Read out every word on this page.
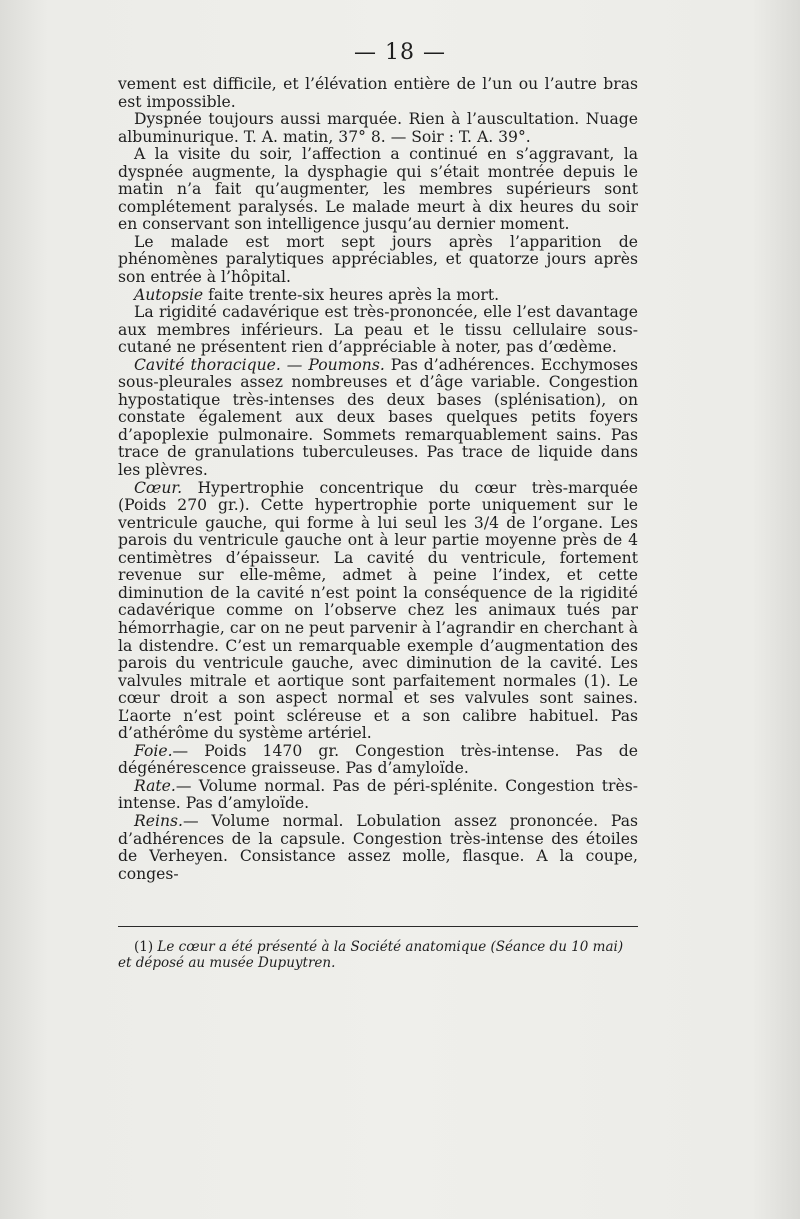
— 18 —

vement est difficile, et l’élévation entière de l’un ou l’autre bras est impossible.

Dyspnée toujours aussi marquée. Rien à l’auscultation. Nuage albuminurique. T. A. matin, 37° 8. — Soir : T. A. 39°.

A la visite du soir, l’affection a continué en s’aggravant, la dyspnée augmente, la dysphagie qui s’était montrée depuis le matin n’a fait qu’augmenter, les membres supérieurs sont complétement paralysés. Le malade meurt à dix heures du soir en conservant son intelligence jusqu’au dernier moment.

Le malade est mort sept jours après l’apparition de phénomènes paralytiques appréciables, et quatorze jours après son entrée à l’hôpital.

Autopsie faite trente-six heures après la mort.

La rigidité cadavérique est très-prononcée, elle l’est davantage aux membres inférieurs. La peau et le tissu cellulaire sous-cutané ne présentent rien d’appréciable à noter, pas d’œdème.

Cavité thoracique. — Poumons. Pas d’adhérences. Ecchymoses sous-pleurales assez nombreuses et d’âge variable. Congestion hypostatique très-intenses des deux bases (splénisation), on constate également aux deux bases quelques petits foyers d’apoplexie pulmonaire. Sommets remarquablement sains. Pas trace de granulations tuberculeuses. Pas trace de liquide dans les plèvres.

Cœur. Hypertrophie concentrique du cœur très-marquée (Poids 270 gr.). Cette hypertrophie porte uniquement sur le ventricule gauche, qui forme à lui seul les 3/4 de l’organe. Les parois du ventricule gauche ont à leur partie moyenne près de 4 centimètres d’épaisseur. La cavité du ventricule, fortement revenue sur elle-même, admet à peine l’index, et cette diminution de la cavité n’est point la conséquence de la rigidité cadavérique comme on l’observe chez les animaux tués par hémorrhagie, car on ne peut parvenir à l’agrandir en cherchant à la distendre. C’est un remarquable exemple d’augmentation des parois du ventricule gauche, avec diminution de la cavité. Les valvules mitrale et aortique sont parfaitement normales (1). Le cœur droit a son aspect normal et ses valvules sont saines. L’aorte n’est point scléreuse et a son calibre habituel. Pas d’athérôme du système artériel.

Foie.— Poids 1470 gr. Congestion très-intense. Pas de dégénérescence graisseuse. Pas d’amyloïde.

Rate.— Volume normal. Pas de péri-splénite. Congestion très-intense. Pas d’amyloïde.

Reins.— Volume normal. Lobulation assez prononcée. Pas d’adhérences de la capsule. Congestion très-intense des étoiles de Verheyen. Consistance assez molle, flasque. A la coupe, conges-

(1) Le cœur a été présenté à la Société anatomique (Séance du 10 mai) et déposé au musée Dupuytren.
